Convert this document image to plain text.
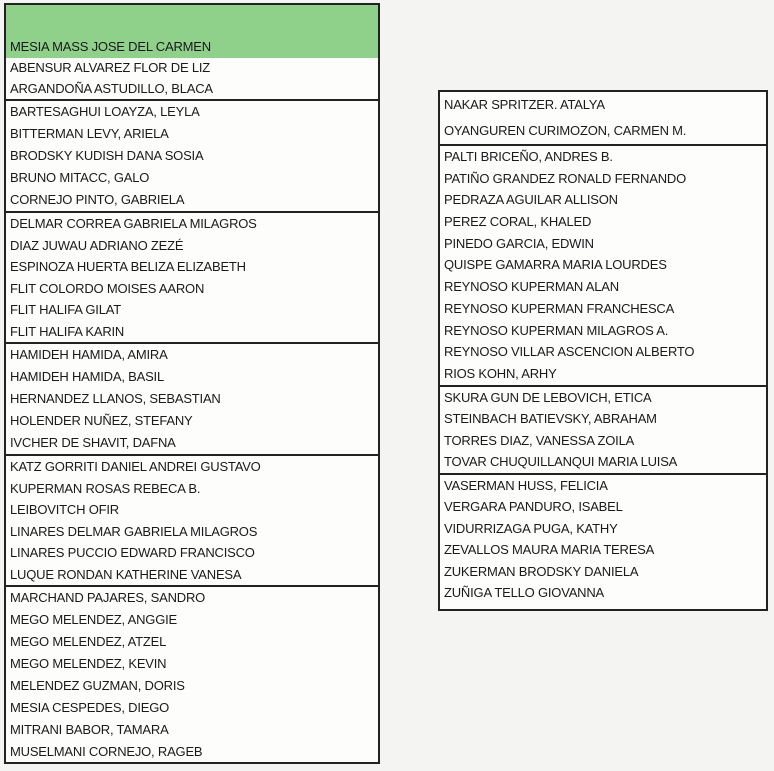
MESIA MASS JOSE DEL CARMEN
ABENSUR ALVAREZ FLOR DE LIZ
ARGANDOÑA ASTUDILLO, BLACA
BARTESAGHUI LOAYZA, LEYLA
BITTERMAN LEVY, ARIELA
BRODSKY KUDISH DANA SOSIA
BRUNO MITACC, GALO
CORNEJO PINTO, GABRIELA
DELMAR CORREA GABRIELA MILAGROS
DIAZ JUWAU ADRIANO ZEZÉ
ESPINOZA HUERTA BELIZA ELIZABETH
FLIT COLORDO MOISES AARON
FLIT HALIFA GILAT
FLIT HALIFA KARIN
HAMIDEH HAMIDA, AMIRA
HAMIDEH HAMIDA, BASIL
HERNANDEZ LLANOS, SEBASTIAN
HOLENDER NUÑEZ, STEFANY
IVCHER DE SHAVIT, DAFNA
KATZ GORRITI DANIEL ANDREI GUSTAVO
KUPERMAN ROSAS REBECA B.
LEIBOVITCH OFIR
LINARES DELMAR GABRIELA MILAGROS
LINARES PUCCIO EDWARD FRANCISCO
LUQUE RONDAN KATHERINE VANESA
MARCHAND PAJARES, SANDRO
MEGO MELENDEZ, ANGGIE
MEGO MELENDEZ, ATZEL
MEGO MELENDEZ, KEVIN
MELENDEZ GUZMAN, DORIS
MESIA CESPEDES, DIEGO
MITRANI BABOR, TAMARA
MUSELMANI CORNEJO, RAGEB
NAKAR SPRITZER. ATALYA
OYANGUREN CURIMOZON, CARMEN M.
PALTI BRICEÑO, ANDRES B.
PATIÑO GRANDEZ RONALD FERNANDO
PEDRAZA AGUILAR ALLISON
PEREZ CORAL, KHALED
PINEDO GARCIA, EDWIN
QUISPE GAMARRA MARIA LOURDES
REYNOSO KUPERMAN ALAN
REYNOSO KUPERMAN FRANCHESCA
REYNOSO KUPERMAN MILAGROS A.
REYNOSO VILLAR ASCENCION ALBERTO
RIOS KOHN, ARHY
SKURA GUN DE LEBOVICH, ETICA
STEINBACH BATIEVSKY, ABRAHAM
TORRES DIAZ, VANESSA ZOILA
TOVAR CHUQUILLANQUI MARIA LUISA
VASERMAN HUSS, FELICIA
VERGARA PANDURO, ISABEL
VIDURRIZAGA PUGA, KATHY
ZEVALLOS MAURA MARIA TERESA
ZUKERMAN BRODSKY DANIELA
ZUÑIGA TELLO GIOVANNA
